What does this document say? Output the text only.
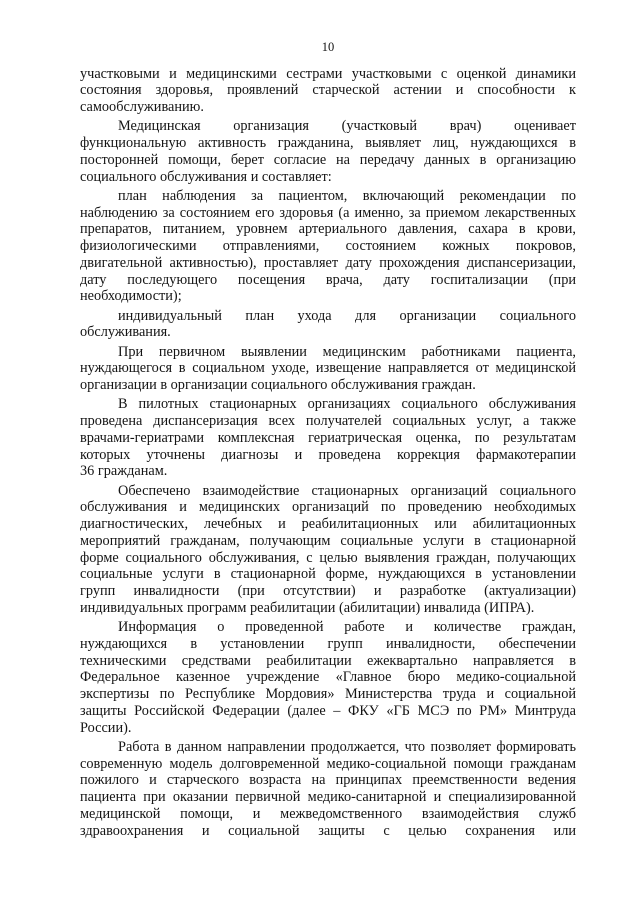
10
участковыми и медицинскими сестрами участковыми с оценкой динамики
состояния здоровья, проявлений старческой астении и способности к
самообслуживанию.
Медицинская организация (участковый врач) оценивает
функциональную активность гражданина, выявляет лиц, нуждающихся в
посторонней помощи, берет согласие на передачу данных в организацию
социального обслуживания и составляет:
план наблюдения за пациентом, включающий рекомендации по
наблюдению за состоянием его здоровья (а именно, за приемом лекарственных
препаратов, питанием, уровнем артериального давления, сахара в крови,
физиологическими отправлениями, состоянием кожных покровов,
двигательной активностью), проставляет дату прохождения диспансеризации,
дату последующего посещения врача, дату госпитализации (при
необходимости);
индивидуальный план ухода для организации социального
обслуживания.
При первичном выявлении медицинским работниками пациента,
нуждающегося в социальном уходе, извещение направляется от медицинской
организации в организации социального обслуживания граждан.
В пилотных стационарных организациях социального обслуживания
проведена диспансеризация всех получателей социальных услуг, а также
врачами-гериатрами комплексная гериатрическая оценка, по результатам
которых уточнены диагнозы и проведена коррекция фармакотерапии
36 гражданам.
Обеспечено взаимодействие стационарных организаций социального
обслуживания и медицинских организаций по проведению необходимых
диагностических, лечебных и реабилитационных или абилитационных
мероприятий гражданам, получающим социальные услуги в стационарной
форме социального обслуживания, с целью выявления граждан, получающих
социальные услуги в стационарной форме, нуждающихся в установлении
групп инвалидности (при отсутствии) и разработке (актуализации)
индивидуальных программ реабилитации (абилитации) инвалида (ИПРА).
Информация о проведенной работе и количестве граждан,
нуждающихся в установлении групп инвалидности, обеспечении
техническими средствами реабилитации ежеквартально направляется в
Федеральное казенное учреждение «Главное бюро медико-социальной
экспертизы по Республике Мордовия» Министерства труда и социальной
защиты Российской Федерации (далее – ФКУ «ГБ МСЭ по РМ» Минтруда
России).
Работа в данном направлении продолжается, что позволяет формировать
современную модель долговременной медико-социальной помощи гражданам
пожилого и старческого возраста на принципах преемственности ведения
пациента при оказании первичной медико-санитарной и специализированной
медицинской помощи, и межведомственного взаимодействия служб
здравоохранения и социальной защиты с целью сохранения или
